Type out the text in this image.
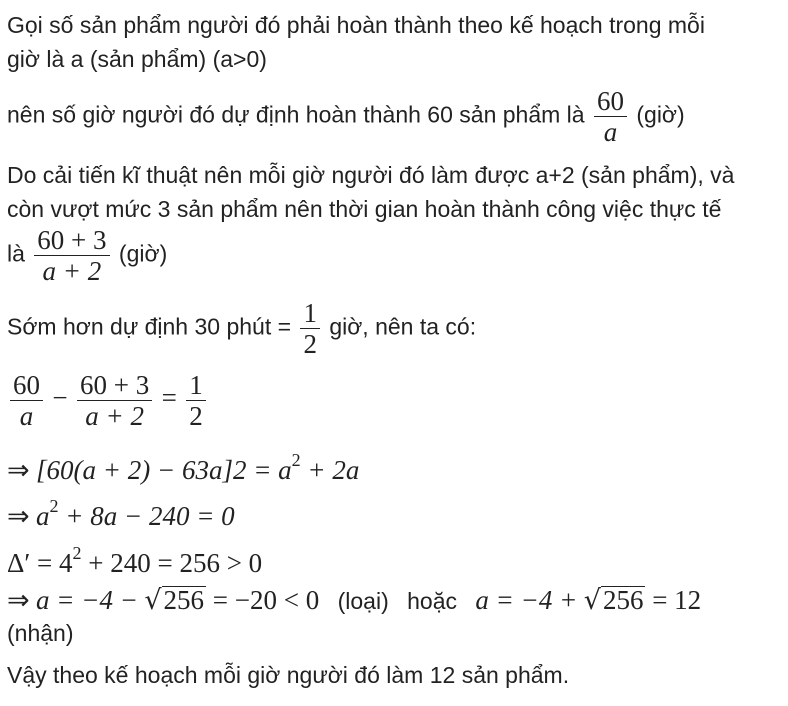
Gọi số sản phẩm người đó phải hoàn thành theo kế hoạch trong mỗi
giờ là a (sản phẩm) (a>0)
nên số giờ người đó dự định hoàn thành 60 sản phẩm là $\frac{60}{a}$ (giờ)
Do cải tiến kĩ thuật nên mỗi giờ người đó làm được a+2 (sản phẩm), và
còn vượt mức 3 sản phẩm nên thời gian hoàn thành công việc thực tế
là $\frac{60 + 3}{a + 2}$ (giờ)
Sớm hơn dự định 30 phút = $\frac{1}{2}$ giờ, nên ta có:
$\frac{60}{a} - \frac{60 + 3}{a + 2} = \frac{1}{2}$
⇒ $[60(a + 2) - 63a]2 = a^2 + 2a$
⇒ $a^2 + 8a - 240 = 0$
$\Delta' = 4^2 + 240 = 256 > 0$
⇒ a = −4 − √256 = −20 < 0 (loại) hoặc a = −4 + √256 = 12
(nhận)
Vậy theo kế hoạch mỗi giờ người đó làm 12 sản phẩm.
